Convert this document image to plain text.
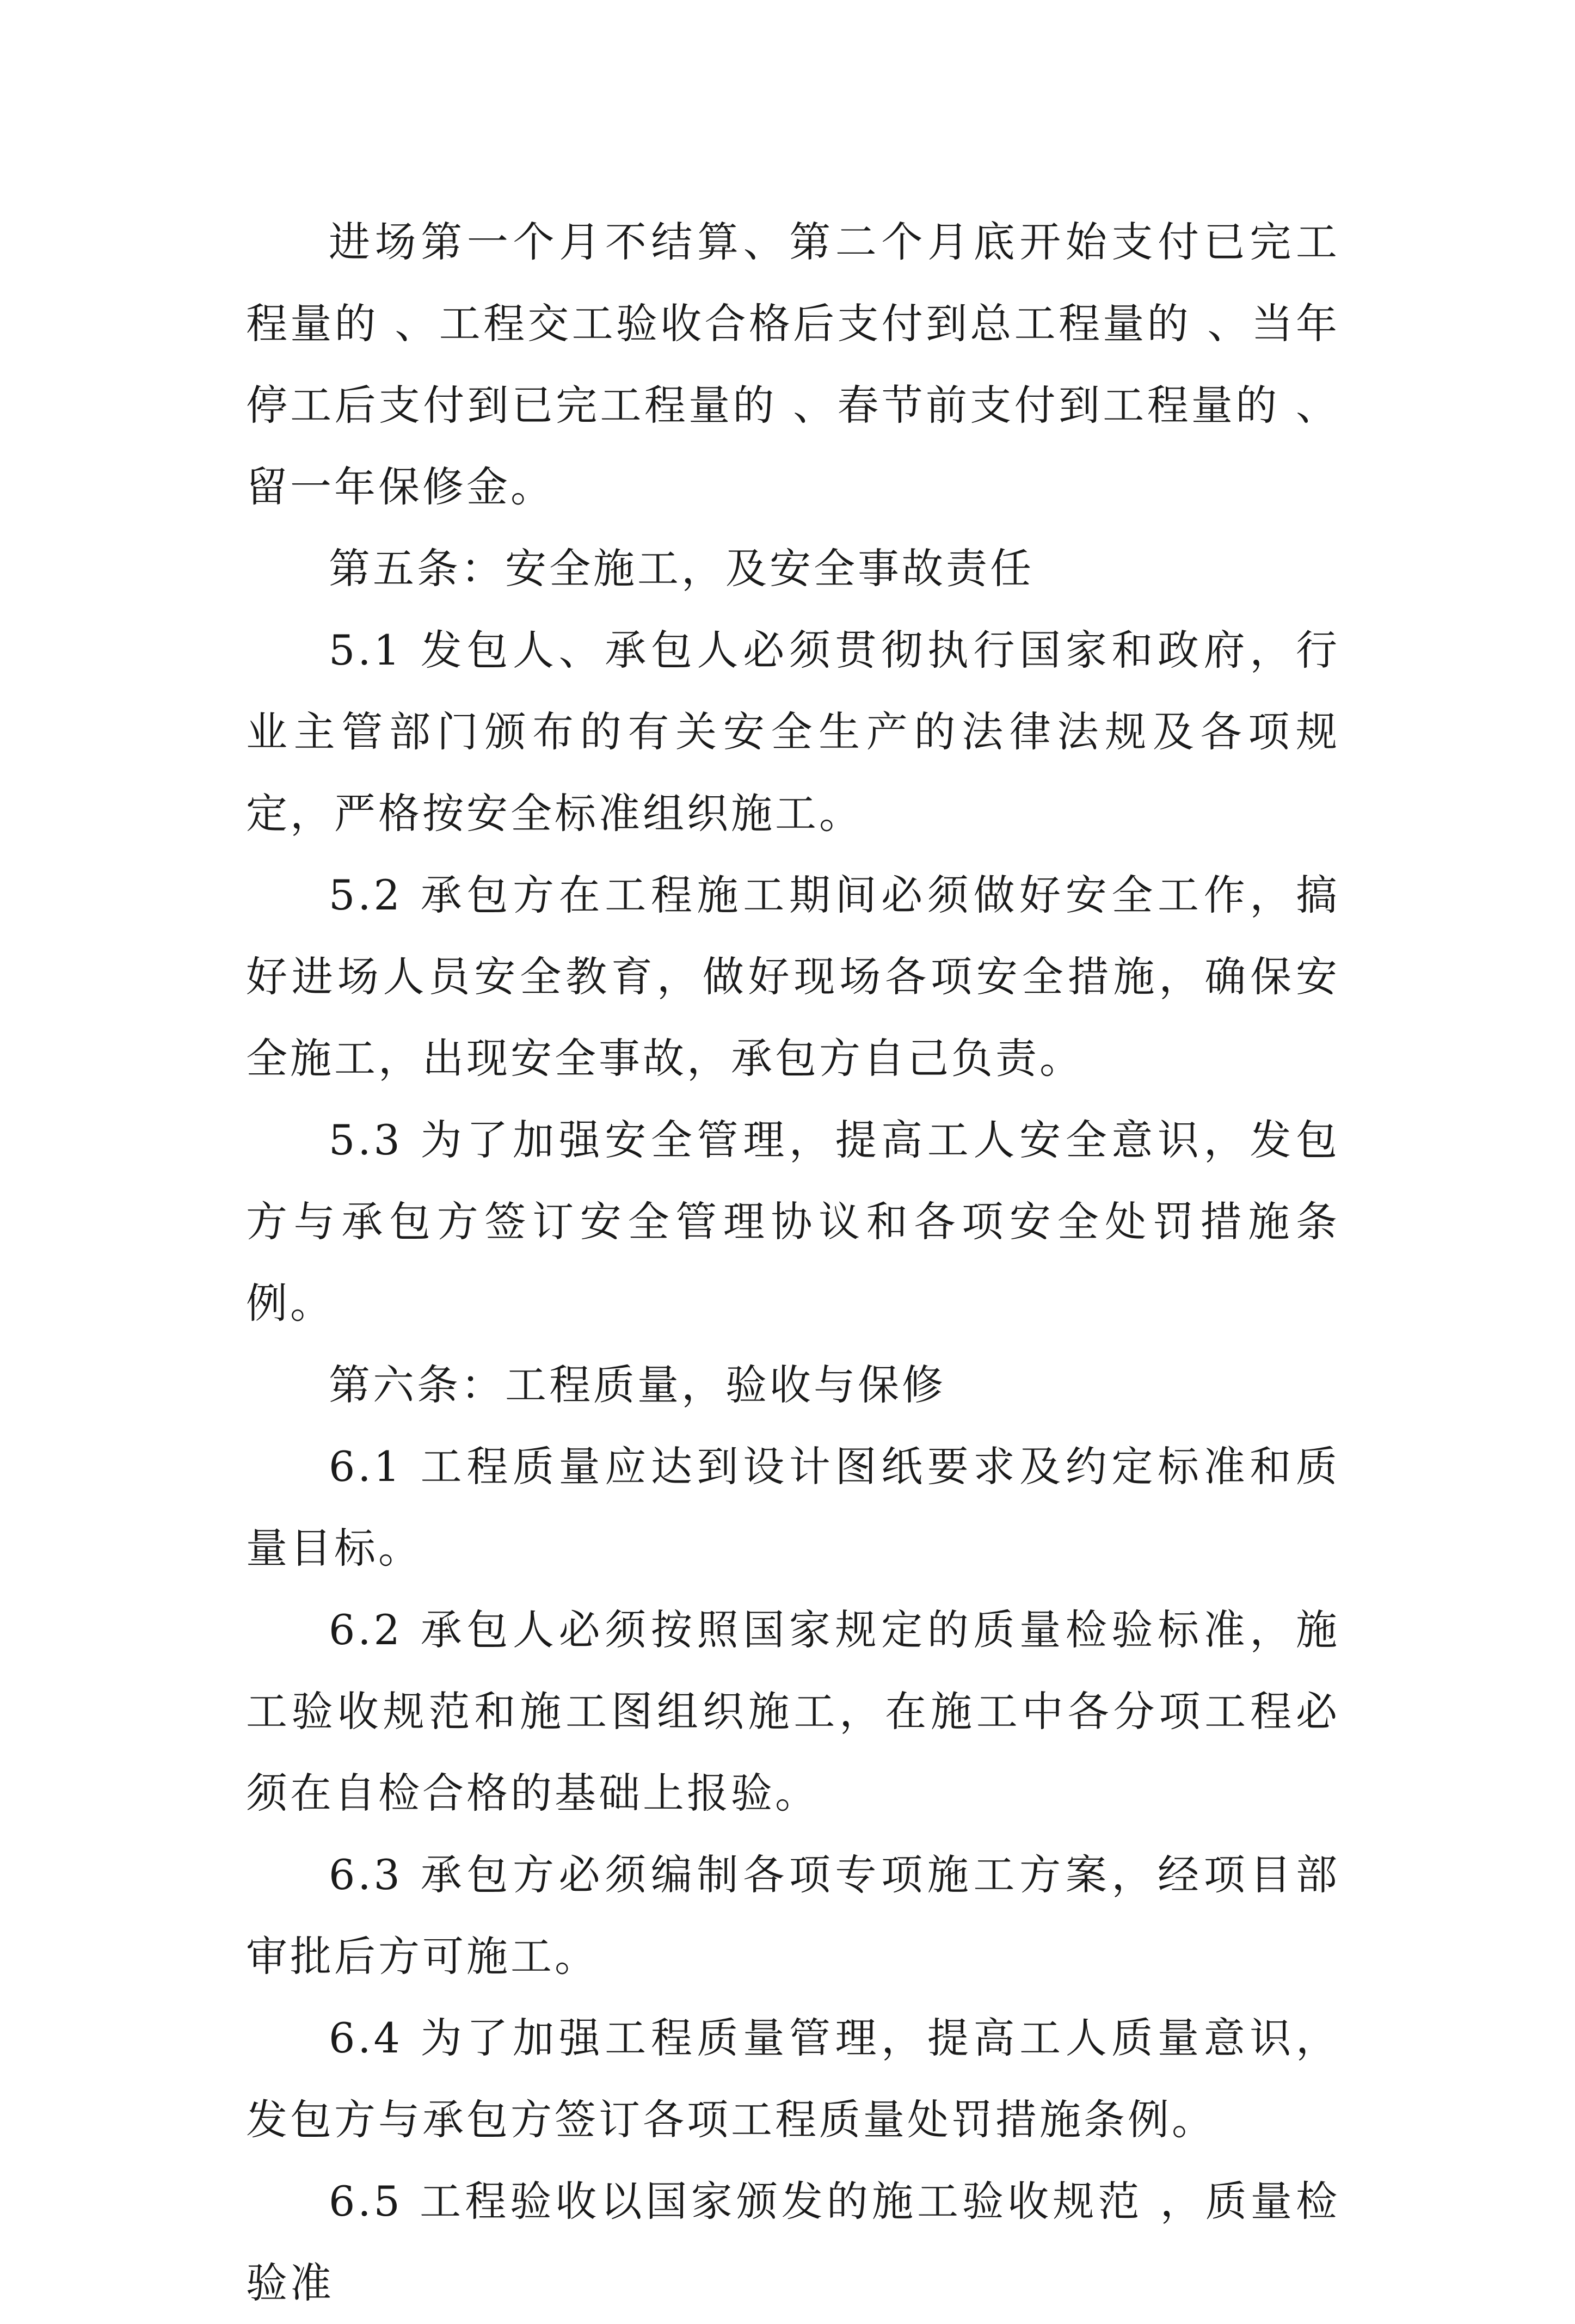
进场第一个月不结算、第二个月底开始支付已完工程量的 、工程交工验收合格后支付到总工程量的 、当年停工后支付到已完工程量的 、春节前支付到工程量的 、留一年保修金。

第五条：安全施工，及安全事故责任

5.1 发包人、承包人必须贯彻执行国家和政府，行业主管部门颁布的有关安全生产的法律法规及各项规定，严格按安全标准组织施工。

5.2 承包方在工程施工期间必须做好安全工作，搞好进场人员安全教育，做好现场各项安全措施，确保安全施工，出现安全事故，承包方自己负责。

5.3 为了加强安全管理，提高工人安全意识，发包方与承包方签订安全管理协议和各项安全处罚措施条例。

第六条：工程质量，验收与保修

6.1 工程质量应达到设计图纸要求及约定标准和质量目标。

6.2 承包人必须按照国家规定的质量检验标准，施工验收规范和施工图组织施工，在施工中各分项工程必须在自检合格的基础上报验。

6.3 承包方必须编制各项专项施工方案，经项目部审批后方可施工。

6.4 为了加强工程质量管理，提高工人质量意识，发包方与承包方签订各项工程质量处罚措施条例。

6.5 工程验收以国家颁发的施工验收规范 ，质量检验准
